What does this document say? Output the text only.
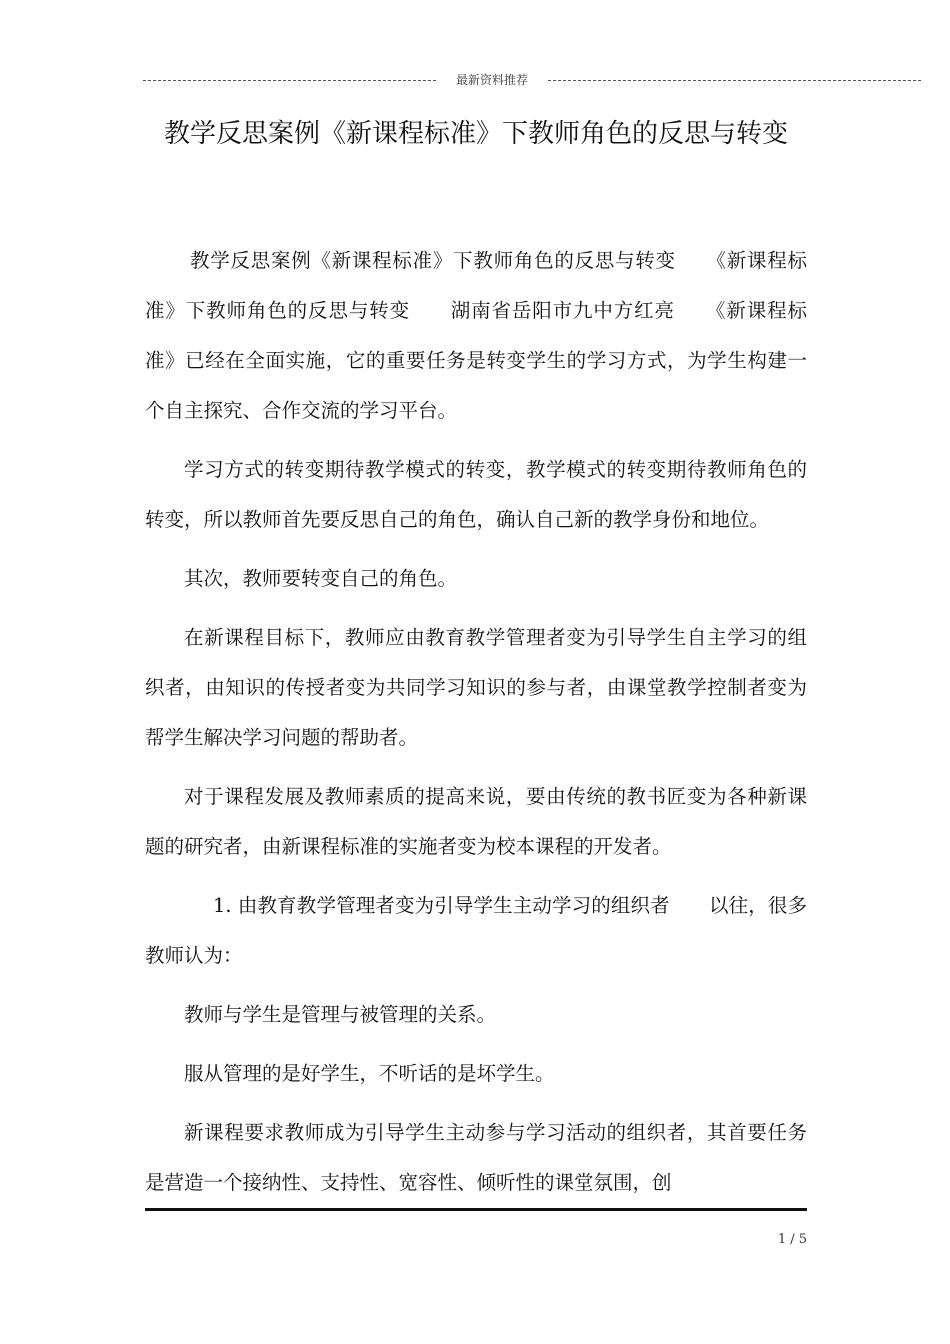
最新资料推荐
教学反思案例《新课程标准》下教师角色的反思与转变

教学反思案例《新课程标准》下教师角色的反思与转变　　《新课程标准》下教师角色的反思与转变　　湖南省岳阳市九中方红亮　　《新课程标准》已经在全面实施，它的重要任务是转变学生的学习方式，为学生构建一个自主探究、合作交流的学习平台。

学习方式的转变期待教学模式的转变，教学模式的转变期待教师角色的转变，所以教师首先要反思自己的角色，确认自己新的教学身份和地位。

其次，教师要转变自己的角色。

在新课程目标下，教师应由教育教学管理者变为引导学生自主学习的组织者，由知识的传授者变为共同学习知识的参与者，由课堂教学控制者变为帮学生解决学习问题的帮助者。

对于课程发展及教师素质的提高来说，要由传统的教书匠变为各种新课题的研究者，由新课程标准的实施者变为校本课程的开发者。

1. 由教育教学管理者变为引导学生主动学习的组织者　　以往，很多教师认为：

教师与学生是管理与被管理的关系。

服从管理的是好学生，不听话的是坏学生。

新课程要求教师成为引导学生主动参与学习活动的组织者，其首要任务是营造一个接纳性、支持性、宽容性、倾听性的课堂氛围，创

1 / 5
